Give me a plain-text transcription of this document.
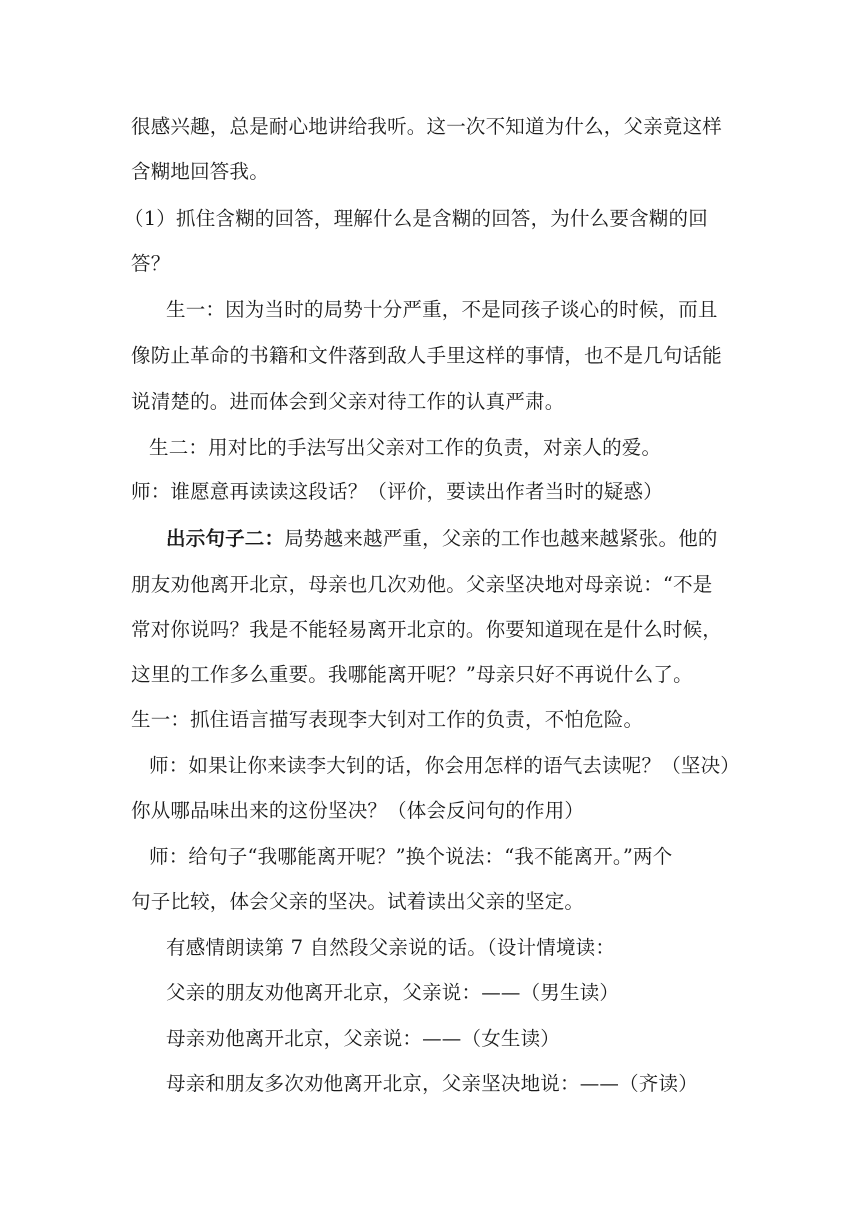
很感兴趣，总是耐心地讲给我听。这一次不知道为什么，父亲竟这样
含糊地回答我。
（1）抓住含糊的回答，理解什么是含糊的回答，为什么要含糊的回
答？
生一：因为当时的局势十分严重，不是同孩子谈心的时候，而且
像防止革命的书籍和文件落到敌人手里这样的事情，也不是几句话能
说清楚的。进而体会到父亲对待工作的认真严肃。
生二：用对比的手法写出父亲对工作的负责，对亲人的爱。
师：谁愿意再读读这段话？（评价，要读出作者当时的疑惑）
出示句子二：局势越来越严重，父亲的工作也越来越紧张。他的
朋友劝他离开北京，母亲也几次劝他。父亲坚决地对母亲说：“不是
常对你说吗？我是不能轻易离开北京的。你要知道现在是什么时候，
这里的工作多么重要。我哪能离开呢？”母亲只好不再说什么了。
生一：抓住语言描写表现李大钊对工作的负责，不怕危险。
师：如果让你来读李大钊的话，你会用怎样的语气去读呢？（坚决）
你从哪品味出来的这份坚决？（体会反问句的作用）
师：给句子“我哪能离开呢？”换个说法：“我不能离开。”两个
句子比较，体会父亲的坚决。试着读出父亲的坚定。
有感情朗读第 7 自然段父亲说的话。（设计情境读：
父亲的朋友劝他离开北京，父亲说：——（男生读）
母亲劝他离开北京，父亲说：——（女生读）
母亲和朋友多次劝他离开北京，父亲坚决地说：——（齐读）
